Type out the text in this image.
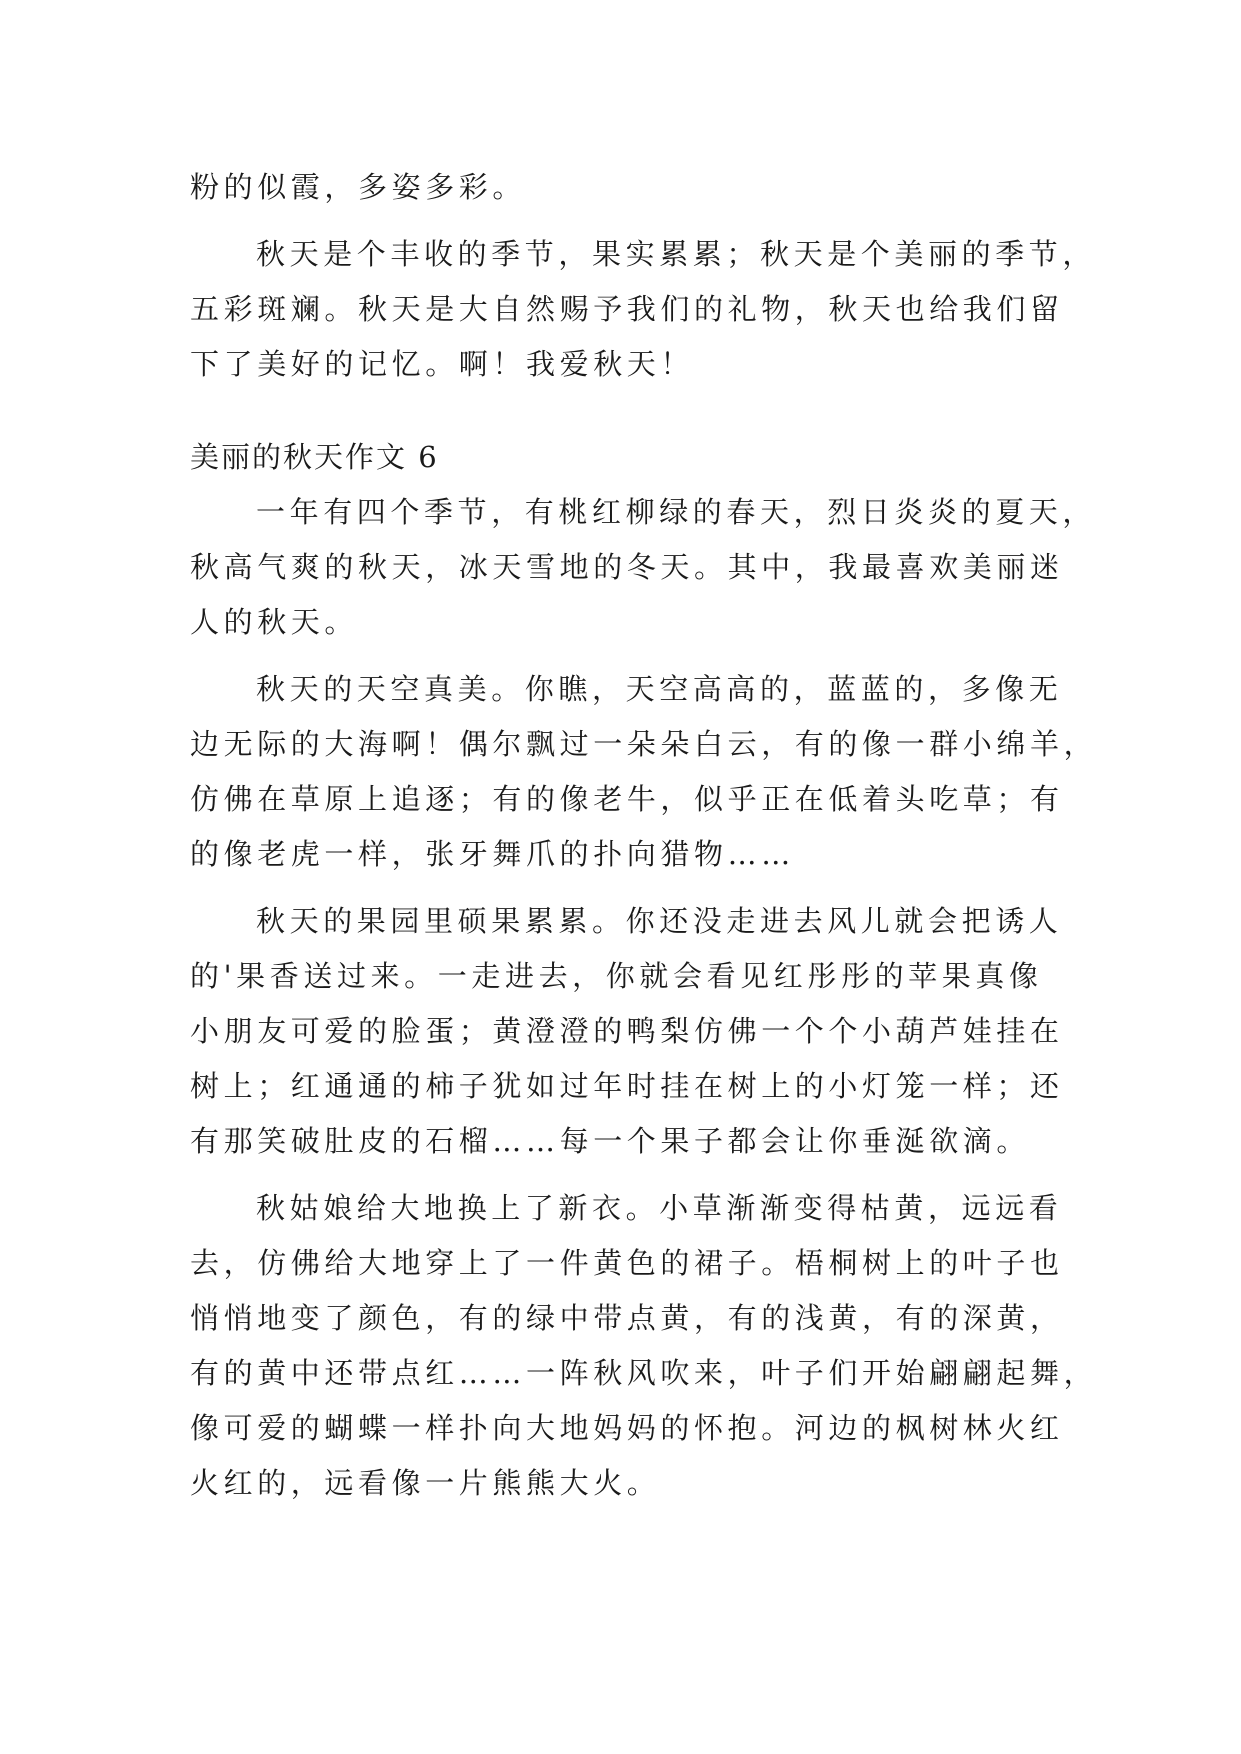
粉的似霞，多姿多彩。
秋天是个丰收的季节，果实累累；秋天是个美丽的季节，
五彩斑斓。秋天是大自然赐予我们的礼物，秋天也给我们留
下了美好的记忆。啊！我爱秋天！
美丽的秋天作文 6
一年有四个季节，有桃红柳绿的春天，烈日炎炎的夏天，
秋高气爽的秋天，冰天雪地的冬天。其中，我最喜欢美丽迷
人的秋天。
秋天的天空真美。你瞧，天空高高的，蓝蓝的，多像无
边无际的大海啊！偶尔飘过一朵朵白云，有的像一群小绵羊，
仿佛在草原上追逐；有的像老牛，似乎正在低着头吃草；有
的像老虎一样，张牙舞爪的扑向猎物……
秋天的果园里硕果累累。你还没走进去风儿就会把诱人
的'果香送过来。一走进去，你就会看见红彤彤的苹果真像
小朋友可爱的脸蛋；黄澄澄的鸭梨仿佛一个个小葫芦娃挂在
树上；红通通的柿子犹如过年时挂在树上的小灯笼一样；还
有那笑破肚皮的石榴……每一个果子都会让你垂涎欲滴。
秋姑娘给大地换上了新衣。小草渐渐变得枯黄，远远看
去，仿佛给大地穿上了一件黄色的裙子。梧桐树上的叶子也
悄悄地变了颜色，有的绿中带点黄，有的浅黄，有的深黄，
有的黄中还带点红……一阵秋风吹来，叶子们开始翩翩起舞，
像可爱的蝴蝶一样扑向大地妈妈的怀抱。河边的枫树林火红
火红的，远看像一片熊熊大火。
